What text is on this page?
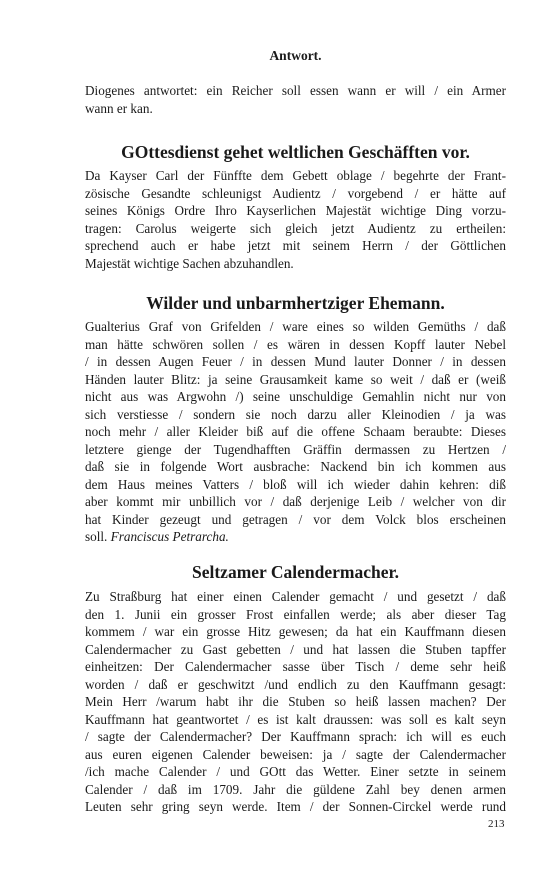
Antwort.
Diogenes antwortet: ein Reicher soll essen wann er will / ein Armer
wann er kan.
GOttesdienst gehet weltlichen Geschäfften vor.
Da Kayser Carl der Fünffte dem Gebett oblage / begehrte der Frant-
zösische Gesandte schleunigst Audientz / vorgebend / er hätte auf
seines Königs Ordre Ihro Kayserlichen Majestät wichtige Ding vorzu-
tragen: Carolus weigerte sich gleich jetzt Audientz zu ertheilen:
sprechend auch er habe jetzt mit seinem Herrn / der Göttlichen
Majestät wichtige Sachen abzuhandlen.
Wilder und unbarmhertziger Ehemann.
Gualterius Graf von Grifelden / ware eines so wilden Gemüths / daß
man hätte schwören sollen / es wären in dessen Kopff lauter Nebel
/ in dessen Augen Feuer / in dessen Mund lauter Donner / in dessen
Händen lauter Blitz: ja seine Grausamkeit kame so weit / daß er (weiß
nicht aus was Argwohn /) seine unschuldige Gemahlin nicht nur von
sich verstiesse / sondern sie noch darzu aller Kleinodien / ja was
noch mehr / aller Kleider biß auf die offene Schaam beraubte: Dieses
letztere gienge der Tugendhafften Gräffin dermassen zu Hertzen /
daß sie in folgende Wort ausbrache: Nackend bin ich kommen aus
dem Haus meines Vatters / bloß will ich wieder dahin kehren: diß
aber kommt mir unbillich vor / daß derjenige Leib / welcher von dir
hat Kinder gezeugt und getragen / vor dem Volck blos erscheinen
soll. Franciscus Petrarcha.
Seltzamer Calendermacher.
Zu Straßburg hat einer einen Calender gemacht / und gesetzt / daß
den 1. Junii ein grosser Frost einfallen werde; als aber dieser Tag
kommem / war ein grosse Hitz gewesen; da hat ein Kauffmann diesen
Calendermacher zu Gast gebetten / und hat lassen die Stuben tapffer
einheitzen: Der Calendermacher sasse über Tisch / deme sehr heiß
worden / daß er geschwitzt /und endlich zu den Kauffmann gesagt:
Mein Herr /warum habt ihr die Stuben so heiß lassen machen? Der
Kauffmann hat geantwortet / es ist kalt draussen: was soll es kalt seyn
/ sagte der Calendermacher? Der Kauffmann sprach: ich will es euch
aus euren eigenen Calender beweisen: ja / sagte der Calendermacher
/ich mache Calender / und GOtt das Wetter. Einer setzte in seinem
Calender / daß im 1709. Jahr die güldene Zahl bey denen armen
Leuten sehr gring seyn werde. Item / der Sonnen-Circkel werde rund
213
